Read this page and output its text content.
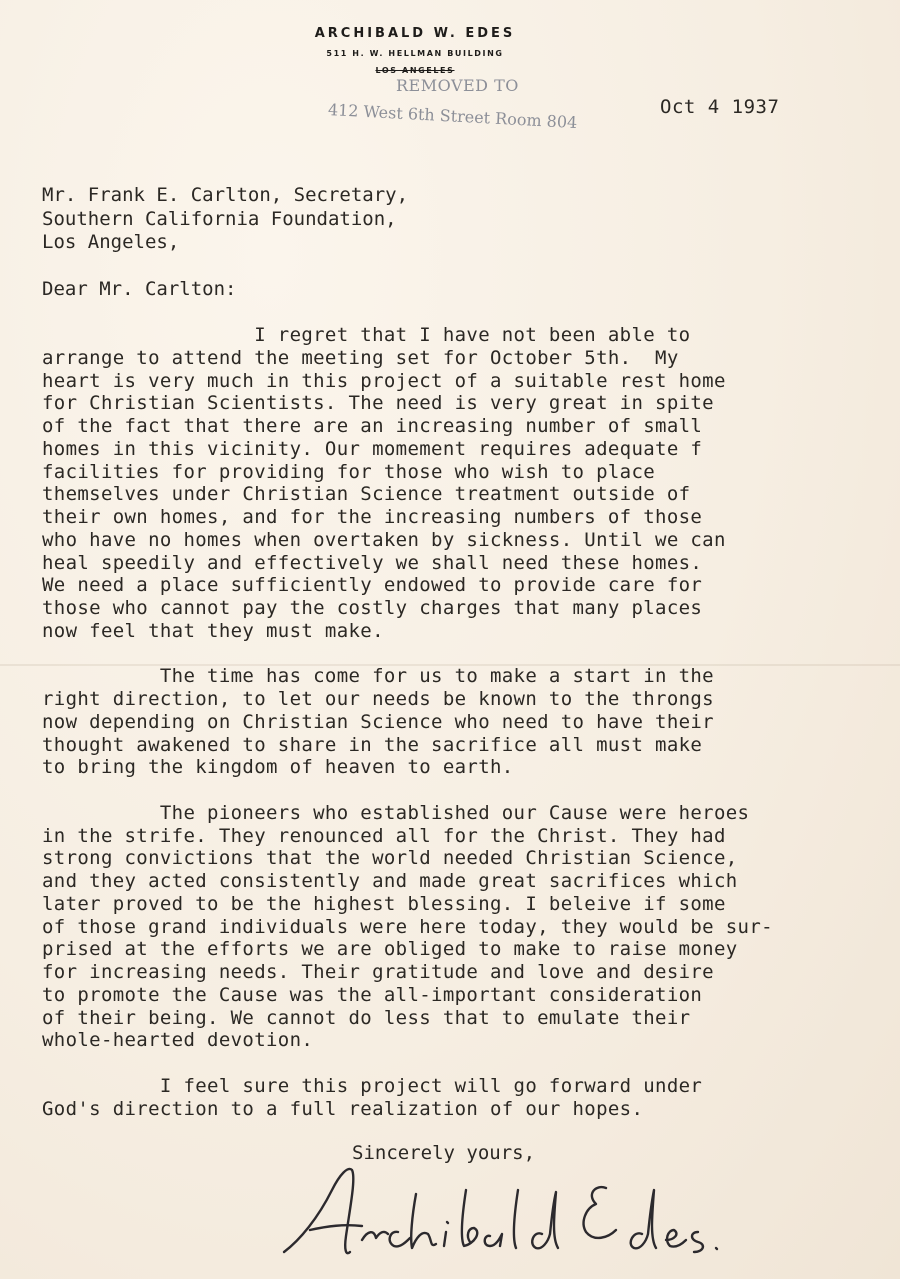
ARCHIBALD W. EDES
511 H. W. HELLMAN BUILDING
LOS ANGELES
REMOVED TO
412 West 6th Street Room 804	Oct 4 1937
Mr. Frank E. Carlton, Secretary,
Southern California Foundation,
Los Angeles,
Dear Mr. Carlton:
I regret that I have not been able to
arrange to attend the meeting set for October 5th.  My
heart is very much in this project of a suitable rest home
for Christian Scientists. The need is very great in spite
of the fact that there are an increasing number of small
homes in this vicinity. Our momement requires adequate f
facilities for providing for those who wish to place
themselves under Christian Science treatment outside of
their own homes, and for the increasing numbers of those
who have no homes when overtaken by sickness. Until we can
heal speedily and effectively we shall need these homes.
We need a place sufficiently endowed to provide care for
those who cannot pay the costly charges that many places
now feel that they must make.
The time has come for us to make a start in the
right direction, to let our needs be known to the throngs
now depending on Christian Science who need to have their
thought awakened to share in the sacrifice all must make
to bring the kingdom of heaven to earth.
The pioneers who established our Cause were heroes
in the strife. They renounced all for the Christ. They had
strong convictions that the world needed Christian Science,
and they acted consistently and made great sacrifices which
later proved to be the highest blessing. I beleive if some
of those grand individuals were here today, they would be sur-
prised at the efforts we are obliged to make to raise money
for increasing needs. Their gratitude and love and desire
to promote the Cause was the all-important consideration
of their being. We cannot do less that to emulate their
whole-hearted devotion.
I feel sure this project will go forward under
God's direction to a full realization of our hopes.
Sincerely yours,
